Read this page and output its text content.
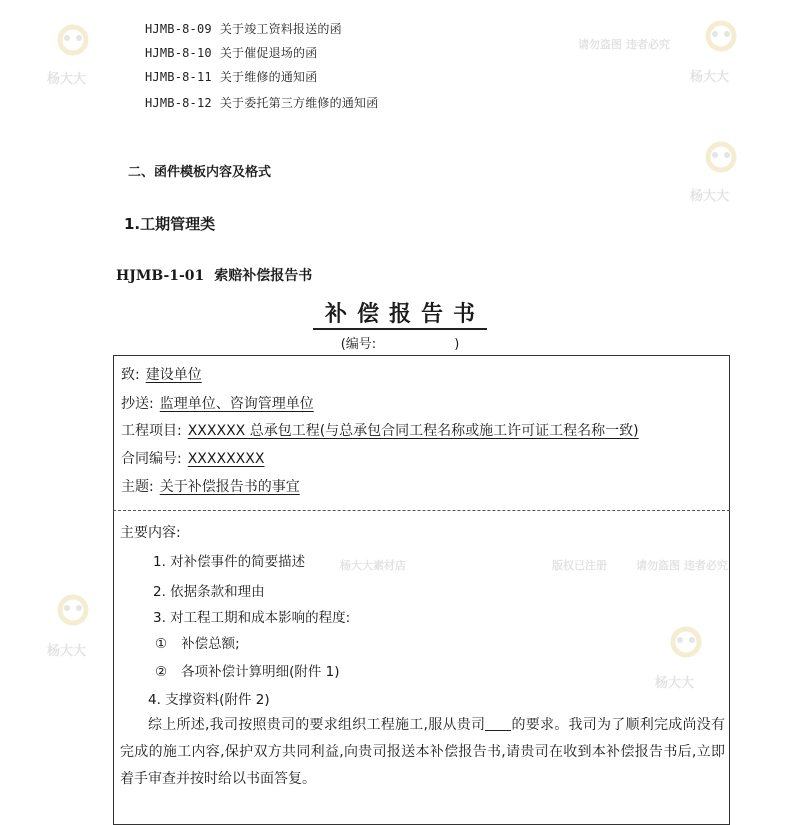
杨大大	杨大大
杨大大
杨大大
杨大大
杨大大素材店	版权已注册	请勿盗图 违者必究
请勿盗图 违者必究
HJMB-8-09 关于竣工资料报送的函
HJMB-8-10 关于催促退场的函
HJMB-8-11 关于维修的通知函
HJMB-8-12 关于委托第三方维修的通知函
二、函件模板内容及格式
1.工期管理类
HJMB-1-01 索赔补偿报告书
补偿报告书
(编号:	)
致: 建设单位
抄送: 监理单位、咨询管理单位
工程项目: XXXXXX 总承包工程(与总承包合同工程名称或施工许可证工程名称一致)
合同编号: XXXXXXXX
主题: 关于补偿报告书的事宜
主要内容:
1. 对补偿事件的简要描述
2. 依据条款和理由
3. 对工程工期和成本影响的程度:
① 补偿总额;
② 各项补偿计算明细(附件 1)
4. 支撑资料(附件 2)
综上所述,我司按照贵司的要求组织工程施工,服从贵司 的要求。我司为了顺利完成尚没有完成的施工内容,保护双方共同利益,向贵司报送本补偿报告书,请贵司在收到本补偿报告书后,立即着手审查并按时给以书面答复。
